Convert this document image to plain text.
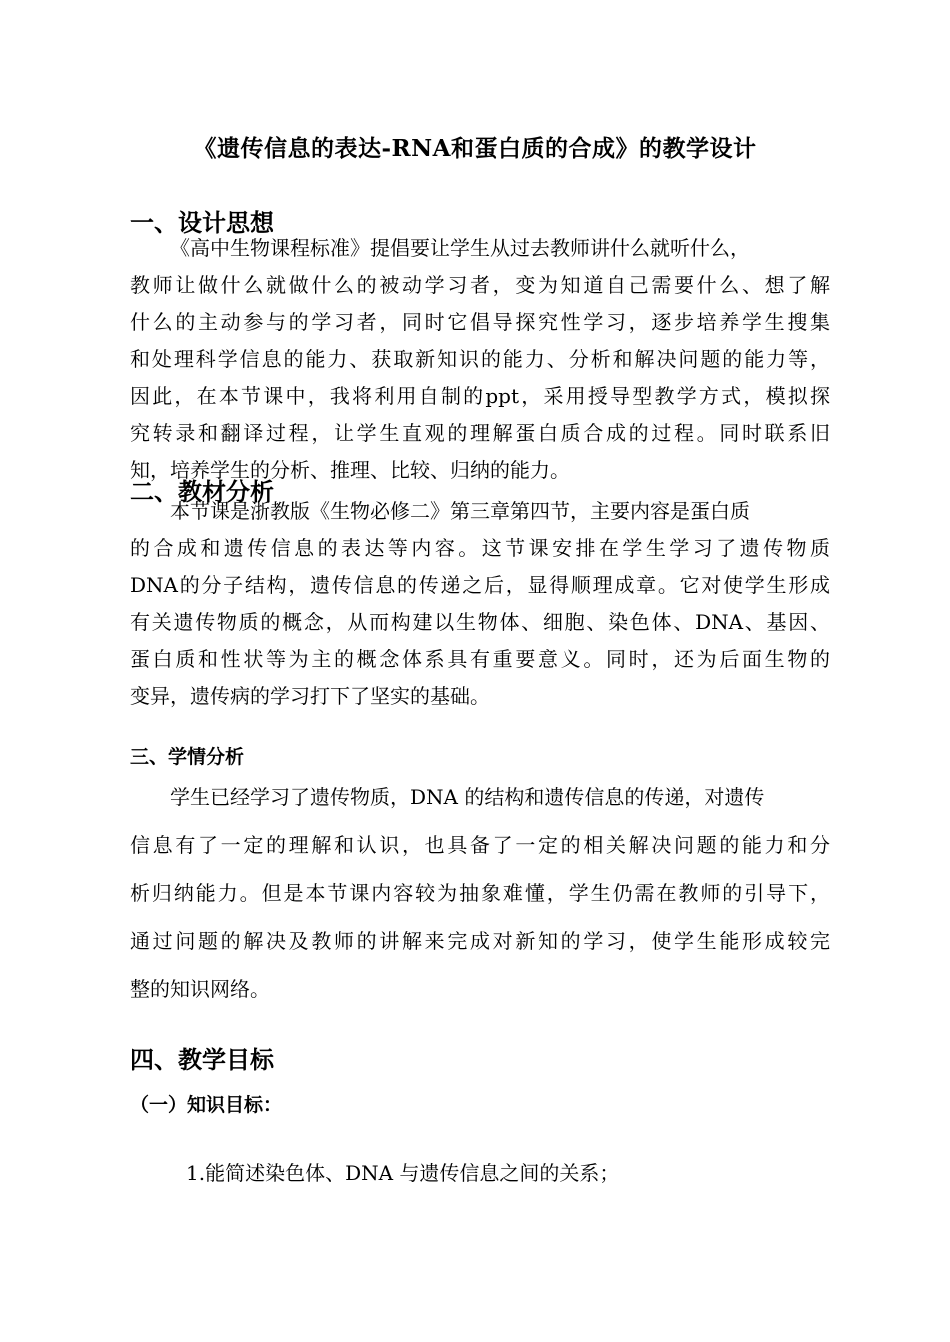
《遗传信息的表达-RNA和蛋白质的合成》的教学设计
一、设计思想
《高中生物课程标准》提倡要让学生从过去教师讲什么就听什么，
教师让做什么就做什么的被动学习者，变为知道自己需要什么、想了解
什么的主动参与的学习者，同时它倡导探究性学习，逐步培养学生搜集
和处理科学信息的能力、获取新知识的能力、分析和解决问题的能力等，
因此，在本节课中，我将利用自制的ppt，采用授导型教学方式，模拟探
究转录和翻译过程，让学生直观的理解蛋白质合成的过程。同时联系旧
知，培养学生的分析、推理、比较、归纳的能力。
二、教材分析
本节课是浙教版《生物必修二》第三章第四节，主要内容是蛋白质
的合成和遗传信息的表达等内容。这节课安排在学生学习了遗传物质
DNA的分子结构，遗传信息的传递之后，显得顺理成章。它对使学生形成
有关遗传物质的概念，从而构建以生物体、细胞、染色体、DNA、基因、
蛋白质和性状等为主的概念体系具有重要意义。同时，还为后面生物的
变异，遗传病的学习打下了坚实的基础。
三、学情分析
学生已经学习了遗传物质，DNA 的结构和遗传信息的传递，对遗传
信息有了一定的理解和认识，也具备了一定的相关解决问题的能力和分
析归纳能力。但是本节课内容较为抽象难懂，学生仍需在教师的引导下，
通过问题的解决及教师的讲解来完成对新知的学习，使学生能形成较完
整的知识网络。
四、教学目标
（一）知识目标：
1.能简述染色体、DNA 与遗传信息之间的关系；
